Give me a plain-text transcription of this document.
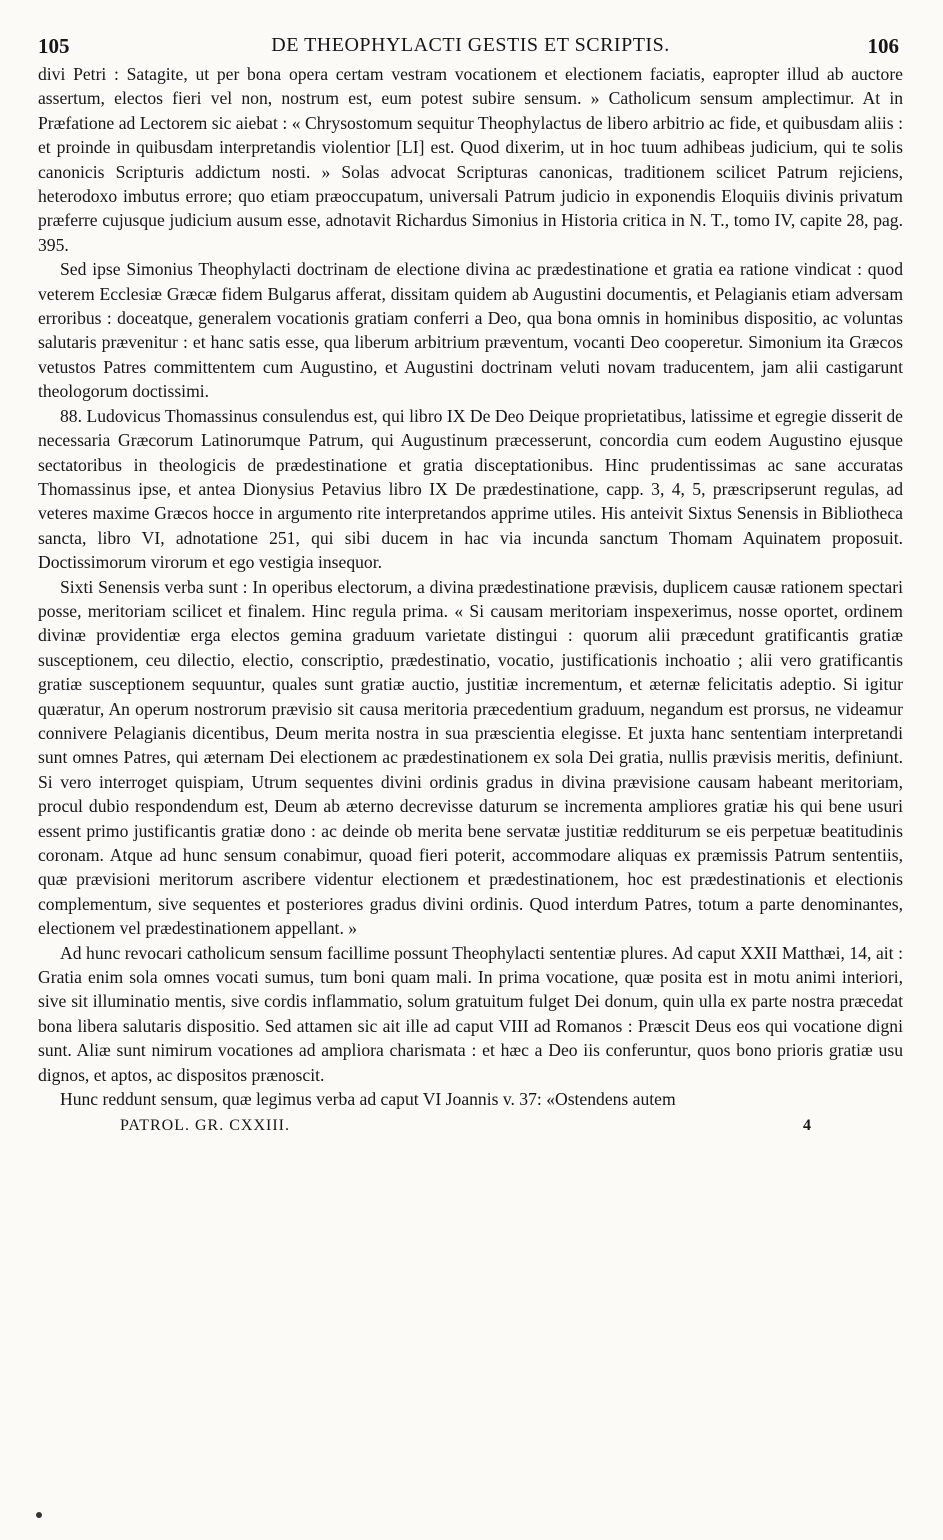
105	DE THEOPHYLACTI GESTIS ET SCRIPTIS.	106

divi Petri : Satagite, ut per bona opera certam vestram vocationem et electionem faciatis, eapropter illud ab auctore assertum, electos fieri vel non, nostrum est, eum potest subire sensum. » Catholicum sensum amplectimur. At in Præfatione ad Lectorem sic aiebat : « Chrysostomum sequitur Theophylactus de libero arbitrio ac fide, et quibusdam aliis : et proinde in quibusdam interpretandis violentior [LI] est. Quod dixerim, ut in hoc tuum adhibeas judicium, qui te solis canonicis Scripturis addictum nosti. » Solas advocat Scripturas canonicas, traditionem scilicet Patrum rejiciens, heterodoxo imbutus errore; quo etiam præoccupatum, universali Patrum judicio in exponendis Eloquiis divinis privatum præferre cujusque judicium ausum esse, adnotavit Richardus Simonius in Historia critica in N. T., tomo IV, capite 28, pag. 395.

Sed ipse Simonius Theophylacti doctrinam de electione divina ac prædestinatione et gratia ea ratione vindicat : quod veterem Ecclesiæ Græcæ fidem Bulgarus afferat, dissitam quidem ab Augustini documentis, et Pelagianis etiam adversam erroribus : doceatque, generalem vocationis gratiam conferri a Deo, qua bona omnis in hominibus dispositio, ac voluntas salutaris prævenitur : et hanc satis esse, qua liberum arbitrium præventum, vocanti Deo cooperetur. Simonium ita Græcos vetustos Patres committentem cum Augustino, et Augustini doctrinam veluti novam traducentem, jam alii castigarunt theologorum doctissimi.

88. Ludovicus Thomassinus consulendus est, qui libro IX De Deo Deique proprietatibus, latissime et egregie disserit de necessaria Græcorum Latinorumque Patrum, qui Augustinum præcesserunt, concordia cum eodem Augustino ejusque sectatoribus in theologicis de prædestinatione et gratia disceptationibus. Hinc prudentissimas ac sane accuratas Thomassinus ipse, et antea Dionysius Petavius libro IX De prædestinatione, capp. 3, 4, 5, præscripserunt regulas, ad veteres maxime Græcos hocce in argumento rite interpretandos apprime utiles. His anteivit Sixtus Senensis in Bibliotheca sancta, libro VI, adnotatione 251, qui sibi ducem in hac via incunda sanctum Thomam Aquinatem proposuit. Doctissimorum virorum et ego vestigia insequor.

Sixti Senensis verba sunt : In operibus electorum, a divina prædestinatione prævisis, duplicem causæ rationem spectari posse, meritoriam scilicet et finalem. Hinc regula prima. « Si causam meritoriam inspexerimus, nosse oportet, ordinem divinæ providentiæ erga electos gemina graduum varietate distingui : quorum alii præcedunt gratificantis gratiæ susceptionem, ceu dilectio, electio, conscriptio, prædestinatio, vocatio, justificationis inchoatio ; alii vero gratificantis gratiæ susceptionem sequuntur, quales sunt gratiæ auctio, justitiæ incrementum, et æternæ felicitatis adeptio. Si igitur quæratur, An operum nostrorum prævisio sit causa meritoria præcedentium graduum, negandum est prorsus, ne videamur connivere Pelagianis dicentibus, Deum merita nostra in sua præscientia elegisse. Et juxta hanc sententiam interpretandi sunt omnes Patres, qui æternam Dei electionem ac prædestinationem ex sola Dei gratia, nullis prævisis meritis, definiunt. Si vero interroget quispiam, Utrum sequentes divini ordinis gradus in divina prævisione causam habeant meritoriam, procul dubio respondendum est, Deum ab æterno decrevisse daturum se incrementa ampliores gratiæ his qui bene usuri essent primo justificantis gratiæ dono : ac deinde ob merita bene servatæ justitiæ redditurum se eis perpetuæ beatitudinis coronam. Atque ad hunc sensum conabimur, quoad fieri poterit, accommodare aliquas ex præmissis Patrum sententiis, quæ prævisioni meritorum ascribere videntur electionem et prædestinationem, hoc est prædestinationis et electionis complementum, sive sequentes et posteriores gradus divini ordinis. Quod interdum Patres, totum a parte denominantes, electionem vel prædestinationem appellant. »

Ad hunc revocari catholicum sensum facillime possunt Theophylacti sententiæ plures. Ad caput XXII Matthæi, 14, ait : Gratia enim sola omnes vocati sumus, tum boni quam mali. In prima vocatione, quæ posita est in motu animi interiori, sive sit illuminatio mentis, sive cordis inflammatio, solum gratuitum fulget Dei donum, quin ulla ex parte nostra præcedat bona libera salutaris dispositio. Sed attamen sic ait ille ad caput VIII ad Romanos : Præscit Deus eos qui vocatione digni sunt. Aliæ sunt nimirum vocationes ad ampliora charismata : et hæc a Deo iis conferuntur, quos bono prioris gratiæ usu dignos, et aptos, ac dispositos prænoscit.

Hunc reddunt sensum, quæ legimus verba ad caput VI Joannis v. 37: «Ostendens autem

PATROL. GR. CXXIII.	4
